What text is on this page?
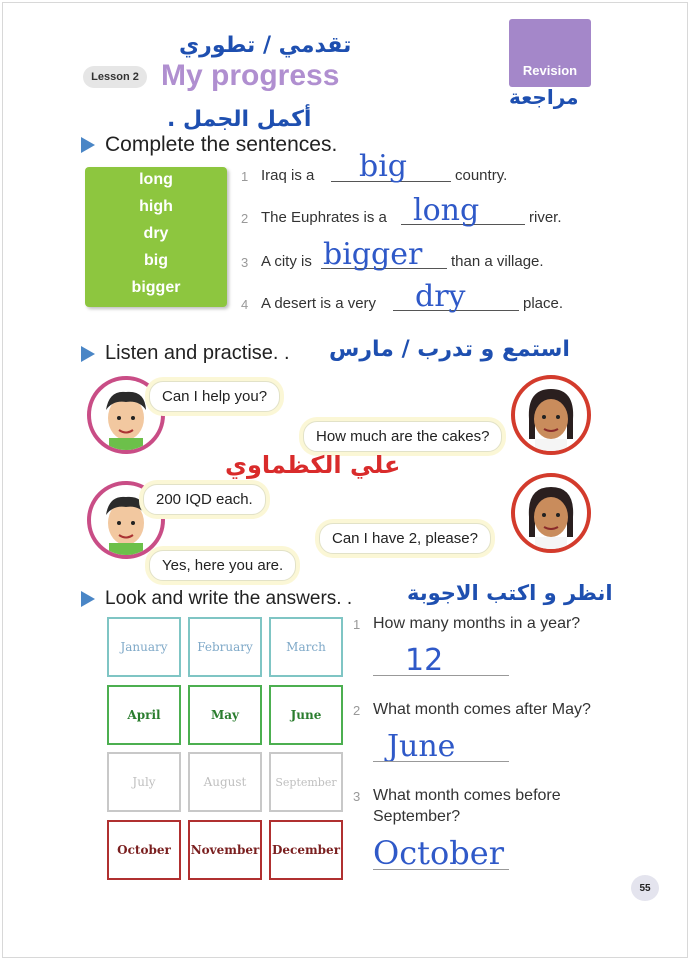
تقدمي / تطوري
Lesson 2 My progress	Revision
مراجعة
أكمل الجمل .
Complete the sentences.
long
high
dry
big
bigger
1 Iraq is a big	country.
2 The Euphrates is a long	river.
3 A city is bigger than a village.
4 A desert is a very dry	place.
Listen and practise. . استمع و تدرب / مارس
Can I help you?
How much are the cakes?
علي الكظماوي
200 IQD each.
Can I have 2, please?
Yes, here you are.
Look and write the answers. .	انظر و اكتب الاجوبة
January	February	March
April	May	June
July	August	September
October	November December
1 How many months in a year?
12
2 What month comes after May?
June
3 What month comes before
September?
October
55
